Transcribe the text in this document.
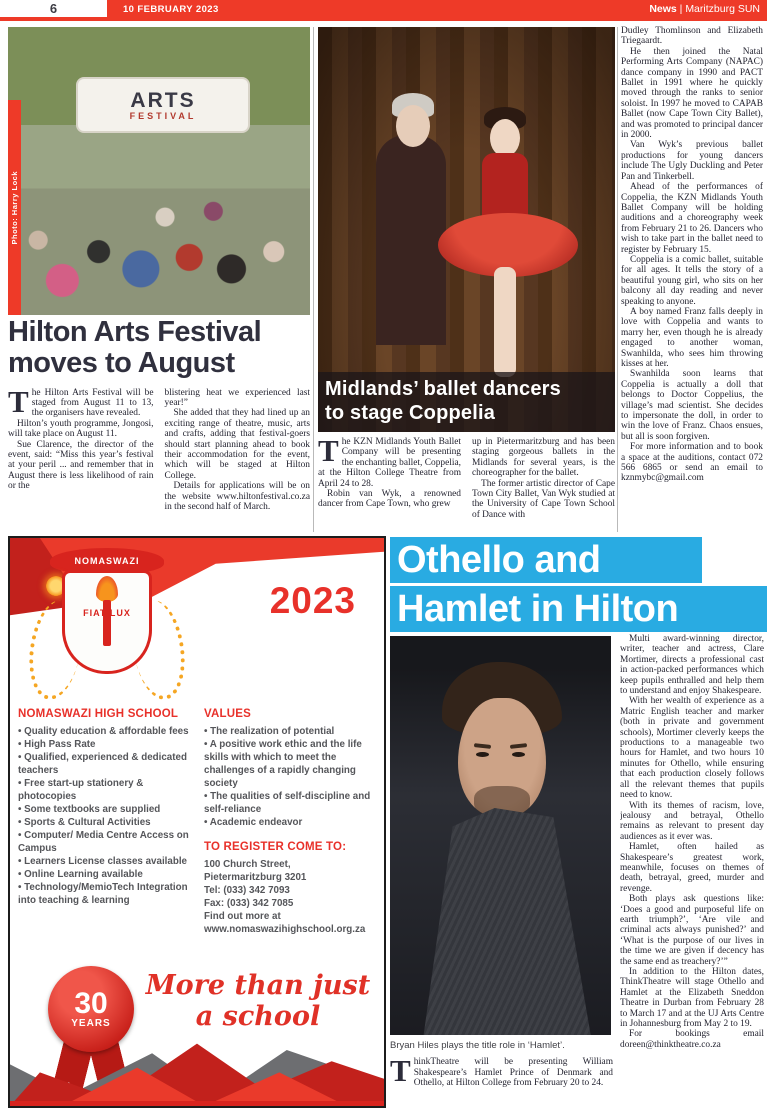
6	10 FEBRUARY 2023	News | Maritzburg SUN
ARTS
FESTIVAL
Photo: Harry Lock
Hilton Arts Festival
moves to August

The Hilton Arts Festival will be staged from August 11 to 13, the organisers have revealed.

Hilton’s youth programme, Jongosi, will take place on August 11.

Sue Clarence, the director of the event, said: “Miss this year’s festival at your peril ... and remember that in August there is less likelihood of rain or the

blistering heat we experienced last year!”

She added that they had lined up an exciting range of theatre, music, arts and crafts, adding that festival-goers should start planning ahead to book their accommodation for the event, which will be staged at Hilton College.

Details for applications will be on the website www.hiltonfestival.co.za in the second half of March.

Midlands’ ballet dancers
to stage Coppelia

The KZN Midlands Youth Ballet Company will be presenting the enchanting ballet, Coppelia, at the Hilton College Theatre from April 24 to 28.

Robin van Wyk, a renowned dancer from Cape Town, who grew

up in Pietermaritzburg and has been staging gorgeous ballets in the Midlands for several years, is the choreographer for the ballet.

The former artistic director of Cape Town City Ballet, Van Wyk studied at the University of Cape Town School of Dance with

Dudley Thomlinson and Elizabeth Triegaardt.

He then joined the Natal Performing Arts Company (NAPAC) dance company in 1990 and PACT Ballet in 1991 where he quickly moved through the ranks to senior soloist. In 1997 he moved to CAPAB Ballet (now Cape Town City Ballet), and was promoted to principal dancer in 2000.

Van Wyk’s previous ballet productions for young dancers include The Ugly Duckling and Peter Pan and Tinkerbell.

Ahead of the performances of Coppelia, the KZN Midlands Youth Ballet Company will be holding auditions and a choreography week from February 21 to 26. Dancers who wish to take part in the ballet need to register by February 15.

Coppelia is a comic ballet, suitable for all ages. It tells the story of a beautiful young girl, who sits on her balcony all day reading and never speaking to anyone.

A boy named Franz falls deeply in love with Coppelia and wants to marry her, even though he is already engaged to another woman, Swanhilda, who sees him throwing kisses at her.

Swanhilda soon learns that Coppelia is actually a doll that belongs to Doctor Coppelius, the village’s mad scientist. She decides to impersonate the doll, in order to win the love of Franz. Chaos ensues, but all is soon forgiven.

For more information and to book a space at the auditions, contact 072 566 6865 or send an email to kznmybc@gmail.com

NOMASWAZI
FIAT LUX	2023
NOMASWAZI HIGH SCHOOL

• Quality education & affordable fees

• High Pass Rate

• Qualified, experienced & dedicated teachers

• Free start-up stationery & photocopies

• Some textbooks are supplied

• Sports & Cultural Activities

• Computer/ Media Centre Access on Campus

• Learners License classes available

• Online Learning available

• Technology/MemioTech Integration into teaching & learning

VALUES

• The realization of potential

• A positive work ethic and the life skills with which to meet the challenges of a rapidly changing society

• The qualities of self-discipline and self-reliance

• Academic endeavor

TO REGISTER COME TO:

100 Church Street,

Pietermaritzburg 3201

Tel: (033) 342 7093

Fax: (033) 342 7085

Find out more at

www.nomaswazihighschool.org.za

30
YEARS
More than just
a school
Othello and
Hamlet in Hilton
Bryan Hiles plays the title role in ‘Hamlet’.

ThinkTheatre will be presenting William Shakespeare’s Hamlet Prince of Denmark and Othello, at Hilton College from February 20 to 24.

Multi award-winning director, writer, teacher and actress, Clare Mortimer, directs a professional cast in action-packed performances which keep pupils enthralled and help them to understand and enjoy Shakespeare.

With her wealth of experience as a Matric English teacher and marker (both in private and government schools), Mortimer cleverly keeps the productions to a manageable two hours for Hamlet, and two hours 10 minutes for Othello, while ensuring that each production closely follows all the relevant themes that pupils need to know.

With its themes of racism, love, jealousy and betrayal, Othello remains as relevant to present day audiences as it ever was.

Hamlet, often hailed as Shakespeare’s greatest work, meanwhile, focuses on themes of death, betrayal, greed, murder and revenge.

Both plays ask questions like: ‘Does a good and purposeful life on earth triumph?’, ‘Are vile and criminal acts always punished?’ and ‘What is the purpose of our lives in the time we are given if decency has the same end as treachery?’”

In addition to the Hilton dates, ThinkTheatre will stage Othello and Hamlet at the Elizabeth Sneddon Theatre in Durban from February 28 to March 17 and at the UJ Arts Centre in Johannesburg from May 2 to 19.

For bookings email doreen@thinktheatre.co.za
